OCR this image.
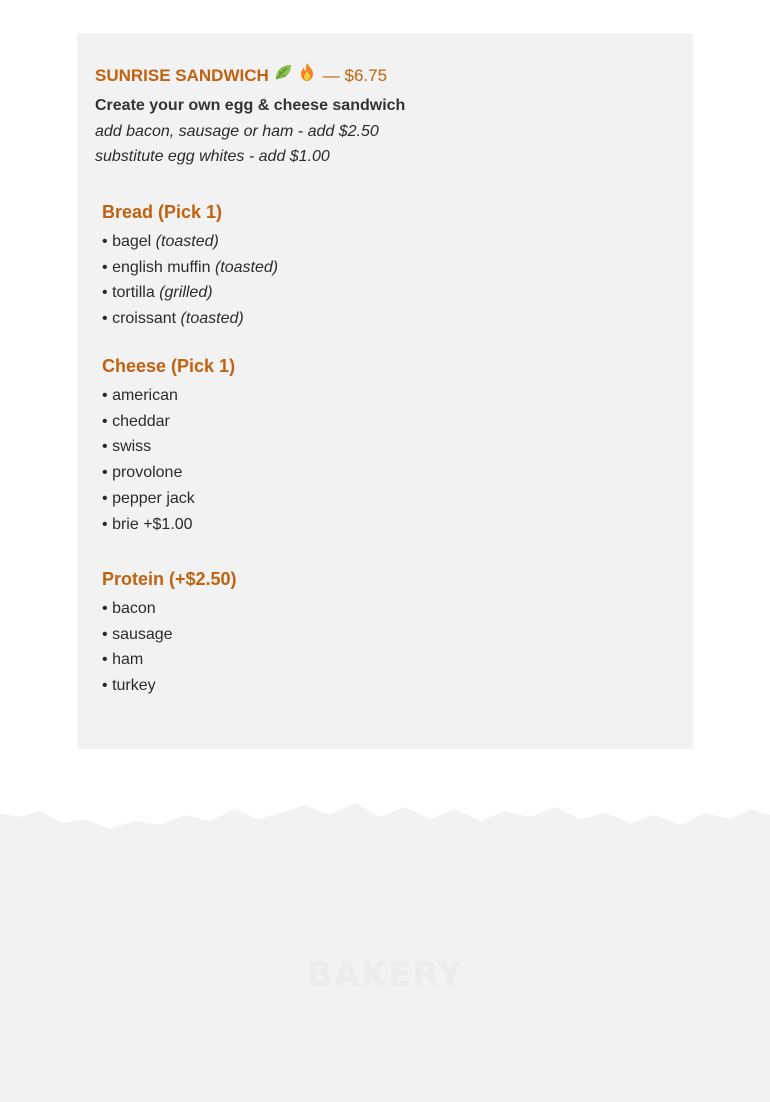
SUNRISE SANDWICH	— $6.75
Create your own egg & cheese sandwich
add bacon, sausage or ham - add $2.50
substitute egg whites - add $1.00
Bread (Pick 1)
• bagel (toasted)
• english muffin (toasted)
• tortilla (grilled)
• croissant (toasted)
Cheese (Pick 1)
• american
• cheddar
• swiss
• provolone
• pepper jack
• brie +$1.00
Protein (+$2.50)
• bacon
• sausage
• ham
• turkey
BAKERY
